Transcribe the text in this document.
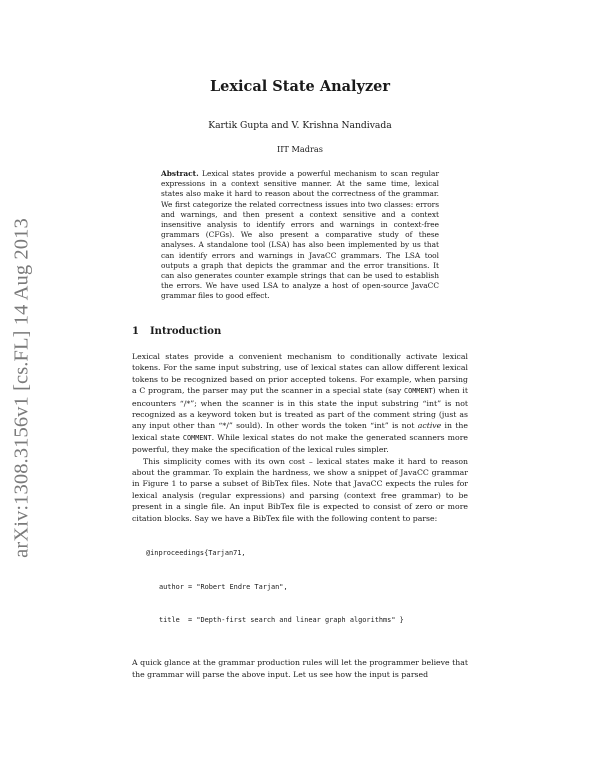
arXiv:1308.3156v1 [cs.FL] 14 Aug 2013
Lexical State Analyzer
Kartik Gupta and V. Krishna Nandivada
IIT Madras
Abstract. Lexical states provide a powerful mechanism to scan regular expressions in a context sensitive manner. At the same time, lexical states also make it hard to reason about the correctness of the grammar. We first categorize the related correctness issues into two classes: errors and warnings, and then present a context sensitive and a context insensitive analysis to identify errors and warnings in context-free grammars (CFGs). We also present a comparative study of these analyses. A standalone tool (LSA) has also been implemented by us that can identify errors and warnings in JavaCC grammars. The LSA tool outputs a graph that depicts the grammar and the error transitions. It can also generates counter example strings that can be used to establish the errors. We have used LSA to analyze a host of open-source JavaCC grammar files to good effect.
1 Introduction

Lexical states provide a convenient mechanism to conditionally activate lexical tokens. For the same input substring, use of lexical states can allow different lexical tokens to be recognized based on prior accepted tokens. For example, when parsing a C program, the parser may put the scanner in a special state (say COMMENT) when it encounters “/*”; when the scanner is in this state the input substring “int” is not recognized as a keyword token but is treated as part of the comment string (just as any input other than “*/” sould). In other words the token “int” is not active in the lexical state COMMENT. While lexical states do not make the generated scanners more powerful, they make the specification of the lexical rules simpler.

This simplicity comes with its own cost – lexical states make it hard to reason about the grammar. To explain the hardness, we show a snippet of JavaCC grammar in Figure 1 to parse a subset of BibTex files. Note that JavaCC expects the rules for lexical analysis (regular expressions) and parsing (context free grammar) to be present in a single file. An input BibTex file is expected to consist of zero or more citation blocks. Say we have a BibTex file with the following content to parse:

@inproceedings{Tarjan71,

author = "Robert Endre Tarjan",

title  = "Depth-first search and linear graph algorithms" }

A quick glance at the grammar production rules will let the programmer believe that the grammar will parse the above input. Let us see how the input is parsed
